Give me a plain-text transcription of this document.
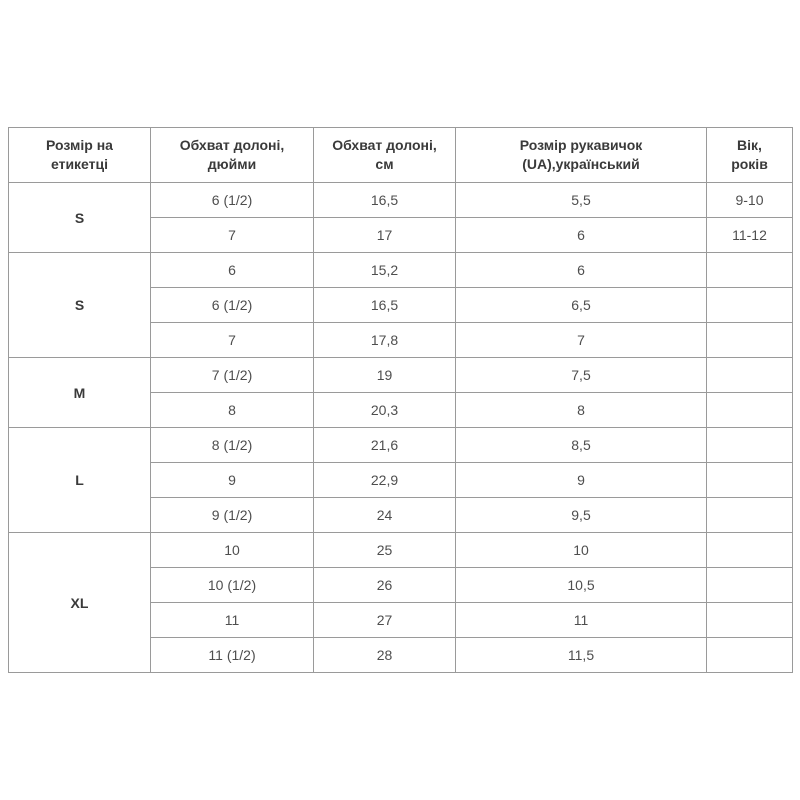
Розмір на етикетці	Обхват долоні, дюйми	Обхват долоні, см	Розмір рукавичок (UA),український	Вік, років
S	6 (1/2)	16,5	5,5	9-10
	7	17	6	11-12
S	6	15,2	6	
	6 (1/2)	16,5	6,5	
	7	17,8	7	
M	7 (1/2)	19	7,5	
	8	20,3	8	
L	8 (1/2)	21,6	8,5	
	9	22,9	9	
	9 (1/2)	24	9,5	
XL	10	25	10	
	10 (1/2)	26	10,5	
	11	27	11	
	11 (1/2)	28	11,5	
